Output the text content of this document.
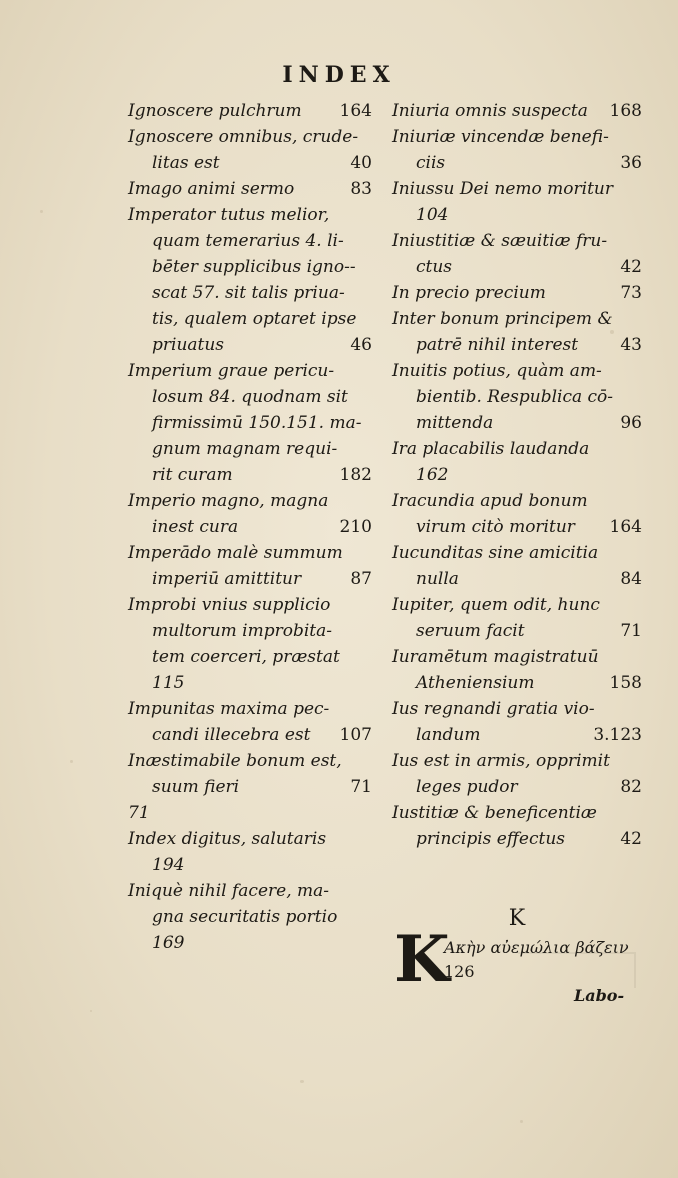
INDEX
Ignoscere pulchrum 164
Ignoscere omnibus, crude-
litas est	40
Imago animi sermo	83
Imperator tutus melior,
quam temerarius 4. li-
bēter supplicibus igno--
scat 57. sit talis priua-
tis, qualem optaret ipse
priuatus	46
Imperium graue pericu-
losum 84. quodnam sit
firmissimū 150.151. ma-
gnum magnam requi-
rit curam	182
Imperio magno, magna
inest cura	210
Imperādo malè summum
imperiū amittitur	87
Improbi vnius supplicio
multorum improbita-
tem coerceri, præstat
115
Impunitas maxima pec-
candi illecebra est 107
Inæstimabile bonum est,
suum fieri	71
71
Index digitus, salutaris
194
Iniquè nihil facere, ma-
gna securitatis portio
169
Iniuria omnis suspecta 168
Iniuriæ vincendæ benefi-
ciis	36
Iniussu Dei nemo moritur
104
Iniustitiæ & sæuitiæ fru-
ctus	42
In precio precium	73
Inter bonum principem &
patrē nihil interest 43
Inuitis potius, quàm am-
bientib. Respublica cō-
mittenda	96
Ira placabilis laudanda
162
Iracundia apud bonum
virum citò moritur 164
Iucunditas sine amicitia
nulla	84
Iupiter, quem odit, hunc
seruum facit	71
Iuramētum magistratuū
Atheniensium	158
Ius regnandi gratia vio-
landum	3.123
Ius est in armis, opprimit
leges pudor	82
Iustitiæ & beneficentiæ
principis effectus	42
K
K
Ακὴν αὐεμώλια βάζειν
126
Labo-
